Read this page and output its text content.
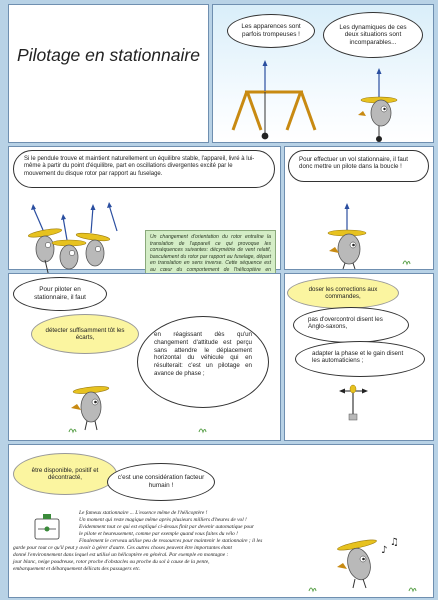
Pilotage en stationnaire
Les apparences sont parfois trompeuses !
Les dynamiques de ces deux situations sont incomparables...
Si le pendule trouve et maintient naturellement un équilibre stable, l'appareil, livré à lui-même à partir du point d'équilibre, part en oscillations divergentes excité par le mouvement du disque rotor par rapport au fuselage.
Un changement d'orientation du rotor entraîne la translation de l'appareil ce qui provoque les conséquences suivantes: décymétrie de vent relatif, basculement du rotor par rapport au fuselage, départ en translation en sens inverse. Cette séquence est au cœur du comportement de l'hélicoptère en
Pour effectuer un vol stationnaire, il faut donc mettre un pilote dans la boucle !
Pour piloter en stationnaire, il faut
détecter suffisamment tôt les écarts,	en réagissant dès qu'un changement d'attitude est perçu sans attendre le déplacement horizontal du véhicule qui en résulterait: c'est un pilotage en avance de phase ;
doser les corrections aux commandes,
pas d'overcontrol disent les Anglo-saxons,
adapter la phase et le gain disent les automaticiens ;
être disponible, positif et décontracté,	c'est une considération facteur humain !
Le fameux stationnaire ... L'essence même de l'hélicoptère !
Un moment qui reste magique même après plusieurs milliers d'heures de vol !
Evidemment tout ce qui est expliqué ci-dessus finit par devenir automatique pour
le pilote et heureusement, comme par exemple quand vous faites du vélo !
Finalement le cerveau utilise peu de ressources pour maintenir le stationnaire ; il les
garde pour tout ce qu'il peut y avoir à gérer d'autre. Ces autres choses peuvent être importantes étant
donné l'environnement dans lequel est utilisé un hélicoptère en général. Par exemple en montagne :
jour blanc, neige poudreuse, rotor proche d'obstacles ou proche du sol à cause de la pente,
embarquement et débarquement délicats des passagers etc.
♪
♫
